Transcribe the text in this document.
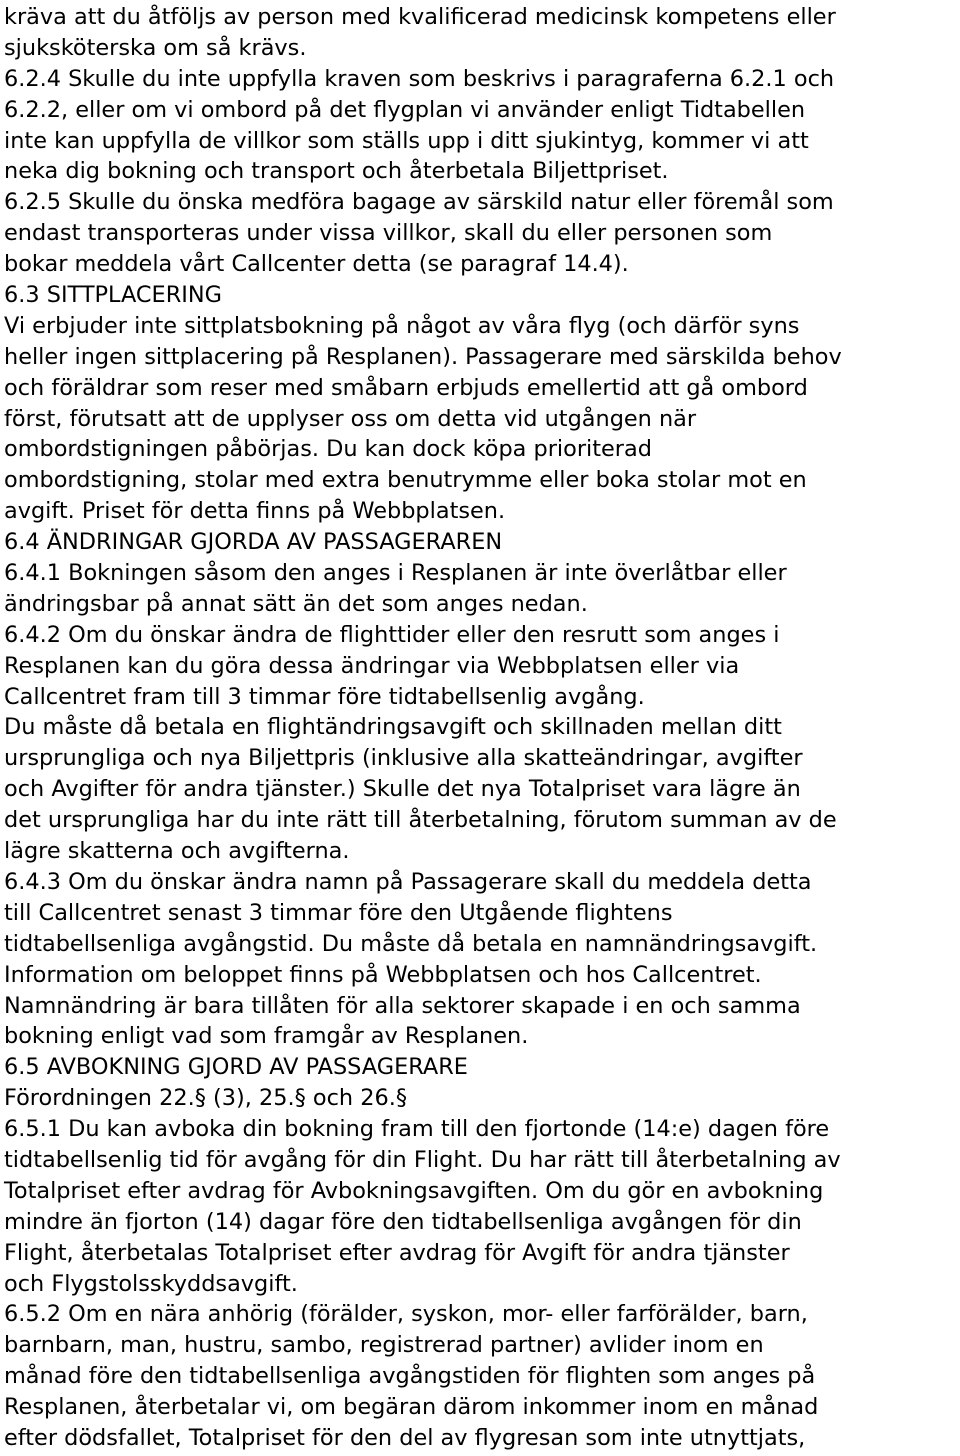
kräva att du åtföljs av person med kvalificerad medicinsk kompetens eller
sjuksköterska om så krävs.
6.2.4 Skulle du inte uppfylla kraven som beskrivs i paragraferna 6.2.1 och
6.2.2, eller om vi ombord på det flygplan vi använder enligt Tidtabellen
inte kan uppfylla de villkor som ställs upp i ditt sjukintyg, kommer vi att
neka dig bokning och transport och återbetala Biljettpriset.
6.2.5 Skulle du önska medföra bagage av särskild natur eller föremål som
endast transporteras under vissa villkor, skall du eller personen som
bokar meddela vårt Callcenter detta (se paragraf 14.4).
6.3 SITTPLACERING
Vi erbjuder inte sittplatsbokning på något av våra flyg (och därför syns
heller ingen sittplacering på Resplanen). Passagerare med särskilda behov
och föräldrar som reser med småbarn erbjuds emellertid att gå ombord
först, förutsatt att de upplyser oss om detta vid utgången när
ombordstigningen påbörjas. Du kan dock köpa prioriterad
ombordstigning, stolar med extra benutrymme eller boka stolar mot en
avgift. Priset för detta finns på Webbplatsen.
6.4 ÄNDRINGAR GJORDA AV PASSAGERAREN
6.4.1 Bokningen såsom den anges i Resplanen är inte överlåtbar eller
ändringsbar på annat sätt än det som anges nedan.
6.4.2 Om du önskar ändra de flighttider eller den resrutt som anges i
Resplanen kan du göra dessa ändringar via Webbplatsen eller via
Callcentret fram till 3 timmar före tidtabellsenlig avgång.
Du måste då betala en flightändringsavgift och skillnaden mellan ditt
ursprungliga och nya Biljettpris (inklusive alla skatteändringar, avgifter
och Avgifter för andra tjänster.) Skulle det nya Totalpriset vara lägre än
det ursprungliga har du inte rätt till återbetalning, förutom summan av de
lägre skatterna och avgifterna.
6.4.3 Om du önskar ändra namn på Passagerare skall du meddela detta
till Callcentret senast 3 timmar före den Utgående flightens
tidtabellsenliga avgångstid. Du måste då betala en namnändringsavgift.
Information om beloppet finns på Webbplatsen och hos Callcentret.
Namnändring är bara tillåten för alla sektorer skapade i en och samma
bokning enligt vad som framgår av Resplanen.
6.5 AVBOKNING GJORD AV PASSAGERARE
Förordningen 22.§ (3), 25.§ och 26.§
6.5.1 Du kan avboka din bokning fram till den fjortonde (14:e) dagen före
tidtabellsenlig tid för avgång för din Flight. Du har rätt till återbetalning av
Totalpriset efter avdrag för Avbokningsavgiften. Om du gör en avbokning
mindre än fjorton (14) dagar före den tidtabellsenliga avgången för din
Flight, återbetalas Totalpriset efter avdrag för Avgift för andra tjänster
och Flygstolsskyddsavgift.
6.5.2 Om en nära anhörig (förälder, syskon, mor- eller farförälder, barn,
barnbarn, man, hustru, sambo, registrerad partner) avlider inom en
månad före den tidtabellsenliga avgångstiden för flighten som anges på
Resplanen, återbetalar vi, om begäran därom inkommer inom en månad
efter dödsfallet, Totalpriset för den del av flygresan som inte utnyttjats,
